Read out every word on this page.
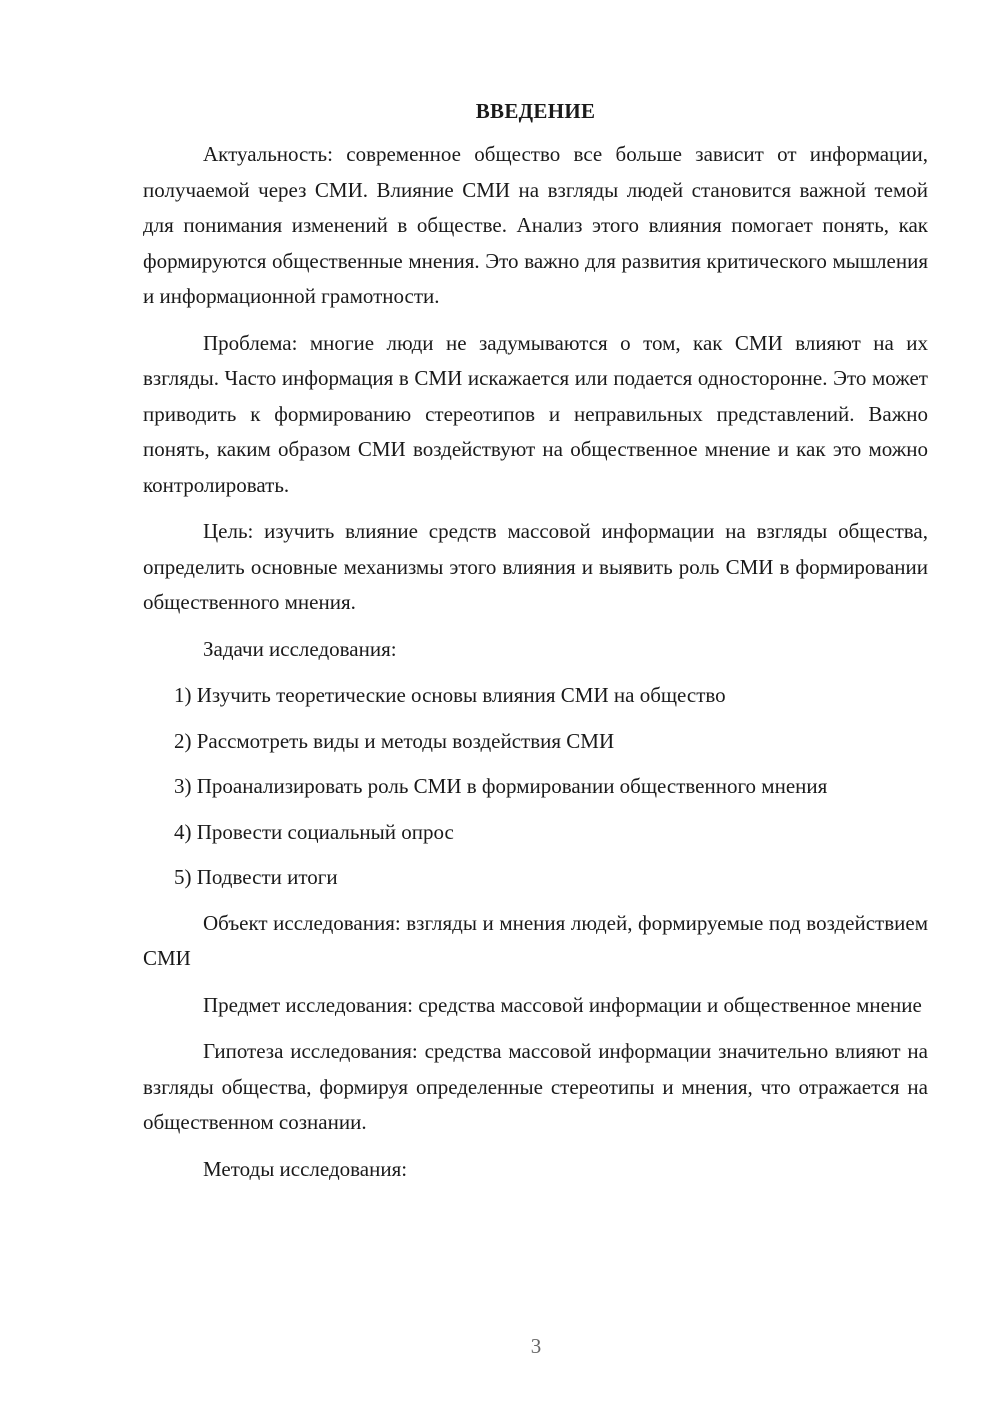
ВВЕДЕНИЕ

Актуальность: современное общество все больше зависит от информации, получаемой через СМИ. Влияние СМИ на взгляды людей становится важной темой для понимания изменений в обществе. Анализ этого влияния помогает понять, как формируются общественные мнения. Это важно для развития критического мышления и информационной грамотности.

Проблема: многие люди не задумываются о том, как СМИ влияют на их взгляды. Часто информация в СМИ искажается или подается односторонне. Это может приводить к формированию стереотипов и неправильных представлений. Важно понять, каким образом СМИ воздействуют на общественное мнение и как это можно контролировать.

Цель: изучить влияние средств массовой информации на взгляды общества, определить основные механизмы этого влияния и выявить роль СМИ в формировании общественного мнения.

Задачи исследования:

1) Изучить теоретические основы влияния СМИ на общество

2) Рассмотреть виды и методы воздействия СМИ

3) Проанализировать роль СМИ в формировании общественного мнения

4) Провести социальный опрос

5) Подвести итоги

Объект исследования: взгляды и мнения людей, формируемые под воздействием СМИ

Предмет исследования: средства массовой информации и общественное мнение

Гипотеза исследования: средства массовой информации значительно влияют на взгляды общества, формируя определенные стереотипы и мнения, что отражается на общественном сознании.

Методы исследования:

3
